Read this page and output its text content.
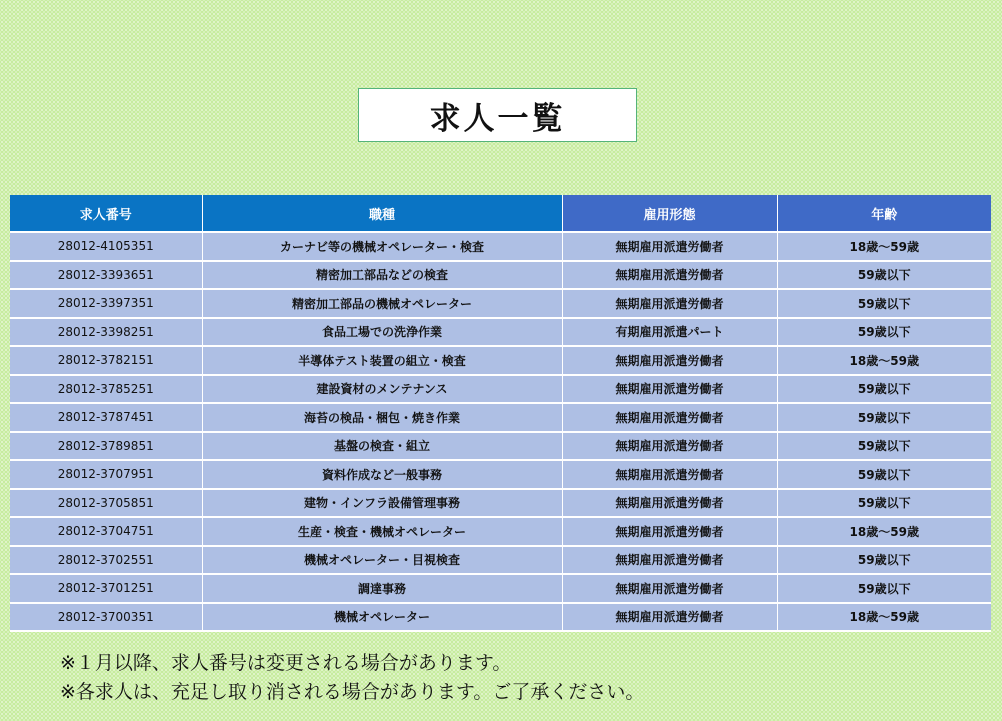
求人一覧
求人番号	職種	雇用形態	年齢
28012-4105351	カーナビ等の機械オペレーター・検査	無期雇用派遣労働者	18歳～59歳
28012-3393651	精密加工部品などの検査	無期雇用派遣労働者	59歳以下
28012-3397351	精密加工部品の機械オペレーター	無期雇用派遣労働者	59歳以下
28012-3398251	食品工場での洗浄作業	有期雇用派遣パート	59歳以下
28012-3782151	半導体テスト装置の組立・検査	無期雇用派遣労働者	18歳～59歳
28012-3785251	建設資材のメンテナンス	無期雇用派遣労働者	59歳以下
28012-3787451	海苔の検品・梱包・焼き作業	無期雇用派遣労働者	59歳以下
28012-3789851	基盤の検査・組立	無期雇用派遣労働者	59歳以下
28012-3707951	資料作成など一般事務	無期雇用派遣労働者	59歳以下
28012-3705851	建物・インフラ設備管理事務	無期雇用派遣労働者	59歳以下
28012-3704751	生産・検査・機械オペレーター	無期雇用派遣労働者	18歳～59歳
28012-3702551	機械オペレーター・目視検査	無期雇用派遣労働者	59歳以下
28012-3701251	調達事務	無期雇用派遣労働者	59歳以下
28012-3700351	機械オペレーター	無期雇用派遣労働者	18歳～59歳
※１月以降、求人番号は変更される場合があります。
※各求人は、充足し取り消される場合があります。ご了承ください。
